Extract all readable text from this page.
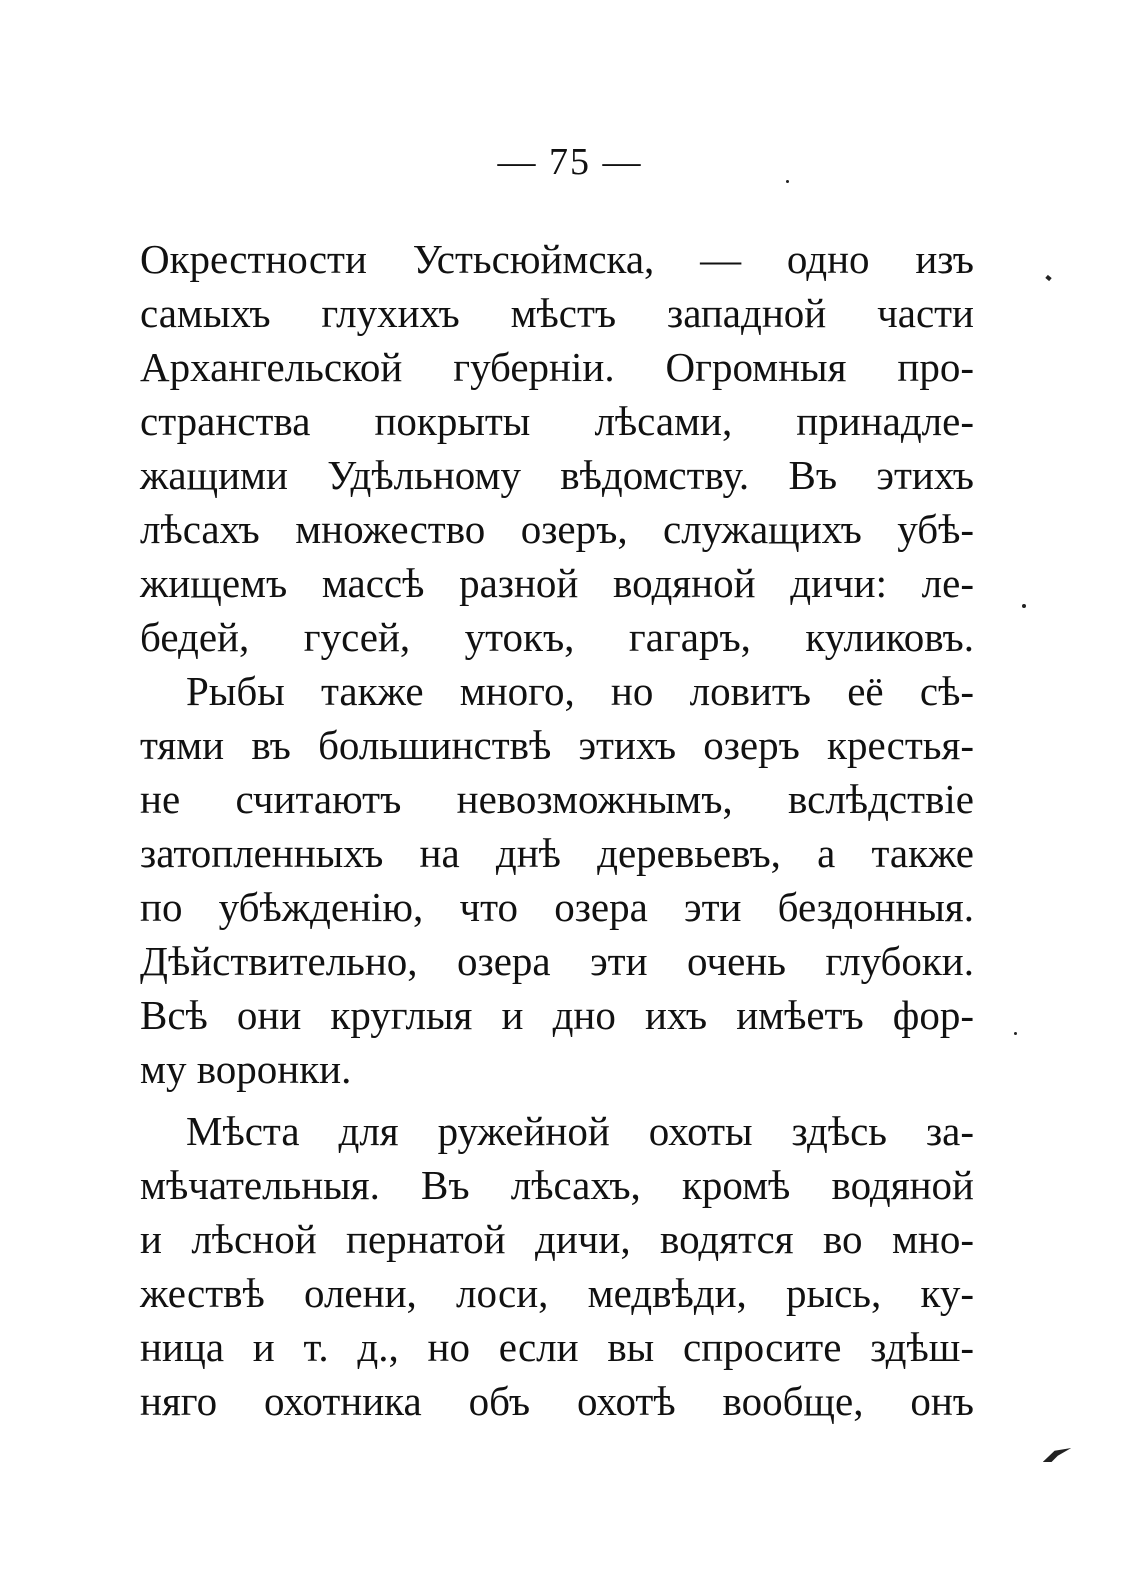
— 75 —
Окрестности Устьсюймска, — одно изъ
самыхъ глухихъ мѣстъ западной части
Архангельской губерніи. Огромныя про-
странства покрыты лѣсами, принадле-
жащими Удѣльному вѣдомству. Въ этихъ
лѣсахъ множество озеръ, служащихъ убѣ-
жищемъ массѣ разной водяной дичи: ле-
бедей, гусей, утокъ, гагаръ, куликовъ.
Рыбы также много, но ловитъ её сѣ-
тями въ большинствѣ этихъ озеръ крестья-
не считаютъ невозможнымъ, вслѣдствіе
затопленныхъ на днѣ деревьевъ, а также
по убѣжденію, что озера эти бездонныя.
Дѣйствительно, озера эти очень глубоки.
Всѣ они круглыя и дно ихъ имѣетъ фор-
му воронки.
Мѣста для ружейной охоты здѣсь за-
мѣчательныя. Въ лѣсахъ, кромѣ водяной
и лѣсной пернатой дичи, водятся во мно-
жествѣ олени, лоси, медвѣди, рысь, ку-
ница и т. д., но если вы спросите здѣш-
няго охотника объ охотѣ вообще, онъ
